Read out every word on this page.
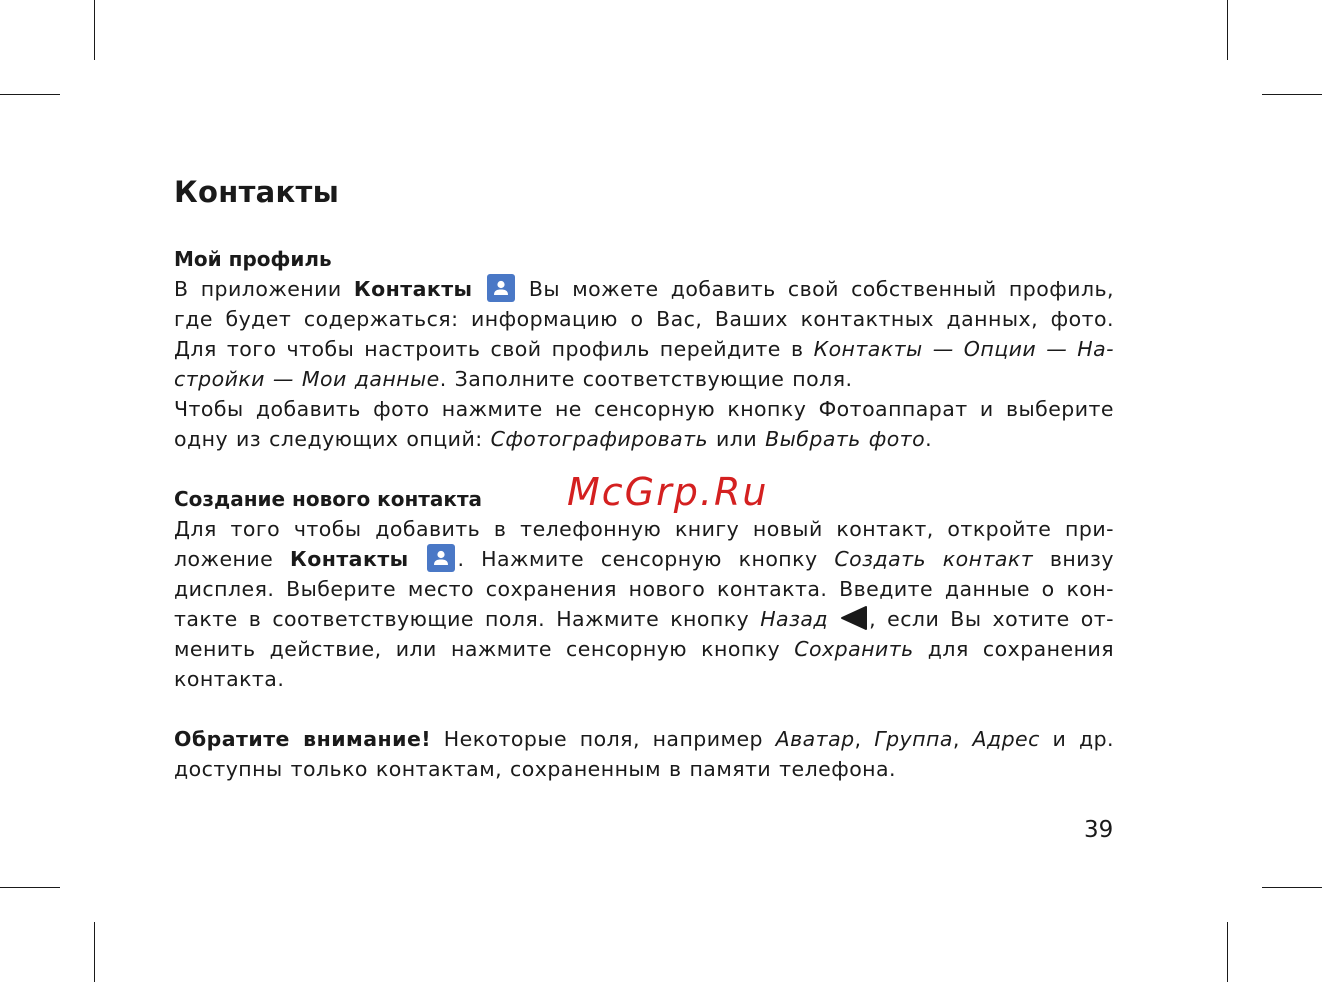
Контакты
Мой профиль

В приложении Контакты
Вы можете добавить свой собственный профиль, где будет содержаться: информацию о Вас, Ваших контактных данных, фото. Для того чтобы настроить свой профиль перейдите в Контакты — Опции — На-стройки — Мои данные. Заполните соответствующие поля.

Чтобы добавить фото нажмите не сенсорную кнопку Фотоаппарат и выберите одну из следующих опций: Сфотографировать или Выбрать фото.

Создание нового контакта

Для того чтобы добавить в телефонную книгу новый контакт, откройте при-ложение Контакты . Нажмите сенсорную кнопку Создать контакт внизу дисплея. Выберите место сохранения нового контакта. Введите данные о кон-такте в соответствующие поля. Нажмите кнопку Назад , если Вы хотите от-менить действие, или нажмите сенсорную кнопку Сохранить для сохранения контакта.

Обратите внимание! Некоторые поля, например Аватар, Группа, Адрес и др. доступны только контактам, сохраненным в памяти телефона.

McGrp.Ru
39
